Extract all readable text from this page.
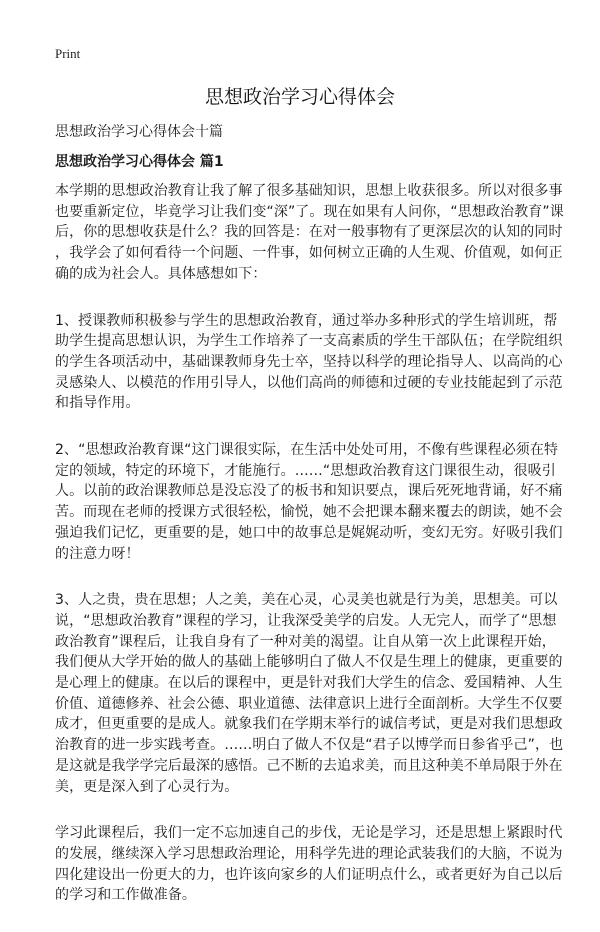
Print
思想政治学习心得体会
思想政治学习心得体会十篇
思想政治学习心得体会 篇1
本学期的思想政治教育让我了解了很多基础知识，思想上收获很多。所以对很多事
也要重新定位，毕竟学习让我们变“深”了。现在如果有人问你，“思想政治教育”课
后，你的思想收获是什么？我的回答是：在对一般事物有了更深层次的认知的同时
，我学会了如何看待一个问题、一件事，如何树立正确的人生观、价值观，如何正
确的成为社会人。具体感想如下：
1、授课教师积极参与学生的思想政治教育，通过举办多种形式的学生培训班，帮
助学生提高思想认识，为学生工作培养了一支高素质的学生干部队伍；在学院组织
的学生各项活动中，基础课教师身先士卒，坚持以科学的理论指导人、以高尚的心
灵感染人、以模范的作用引导人，以他们高尚的师德和过硬的专业技能起到了示范
和指导作用。
2、“思想政治教育课“这门课很实际，在生活中处处可用，不像有些课程必须在特
定的领域，特定的环境下，才能施行。……“思想政治教育这门课很生动，很吸引
人。以前的政治课教师总是没忘没了的板书和知识要点，课后死死地背诵，好不痛
苦。而现在老师的授课方式很轻松，愉悦，她不会把课本翻来覆去的朗读，她不会
强迫我们记忆，更重要的是，她口中的故事总是娓娓动听，变幻无穷。好吸引我们
的注意力呀！
3、人之贵，贵在思想；人之美，美在心灵，心灵美也就是行为美，思想美。可以
说，“思想政治教育”课程的学习，让我深受美学的启发。人无完人，而学了“思想
政治教育”课程后，让我自身有了一种对美的渴望。让自从第一次上此课程开始，
我们便从大学开始的做人的基础上能够明白了做人不仅是生理上的健康，更重要的
是心理上的健康。在以后的课程中，更是针对我们大学生的信念、爱国精神、人生
价值、道德修养、社会公德、职业道德、法律意识上进行全面剖析。大学生不仅要
成才，但更重要的是成人。就象我们在学期末举行的诚信考试，更是对我们思想政
治教育的进一步实践考查。……明白了做人不仅是“君子以博学而日参省乎己”，也
是这就是我学学完后最深的感悟。己不断的去追求美，而且这种美不单局限于外在
美，更是深入到了心灵行为。
学习此课程后，我们一定不忘加速自己的步伐，无论是学习，还是思想上紧跟时代
的发展，继续深入学习思想政治理论，用科学先进的理论武装我们的大脑，不说为
四化建设出一份更大的力，也许该向家乡的人们证明点什么，或者更好为自己以后
的学习和工作做准备。
